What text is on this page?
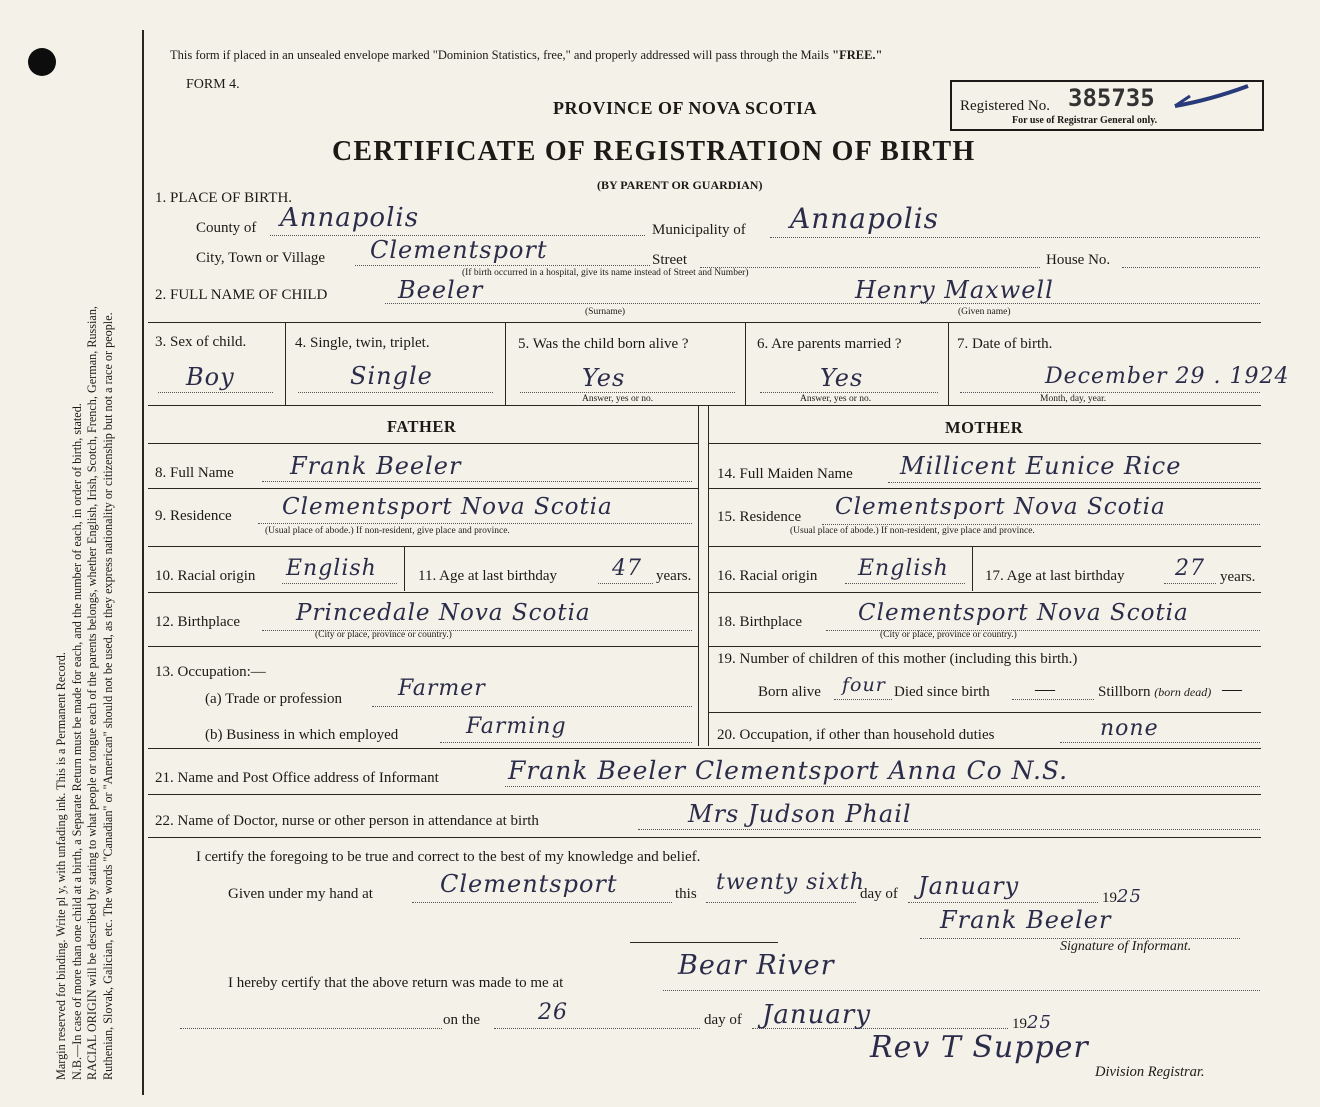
Margin reserved for binding. Write pl y, with unfading ink. This is a Permanent Record. N.B.—In case of more than one child at a birth, a Separate Return must be made for each, and the number of each, in order of birth, stated. RACIAL ORIGIN will be described by stating to what people or tongue each of the parents belongs, whether English, Irish, Scotch, French, German, Russian, Ruthenian, Slovak, Galician, etc. The words "Canadian" or "American" should not be used, as they express nationality or citizenship but not a race or people.
This form if placed in an unsealed envelope marked "Dominion Statistics, free," and properly addressed will pass through the Mails "FREE."
FORM 4.
PROVINCE OF NOVA SCOTIA
CERTIFICATE OF REGISTRATION OF BIRTH
(BY PARENT OR GUARDIAN)
Registered No. 385735
For use of Registrar General only.
1. PLACE OF BIRTH.
County of Annapolis	Municipality of Annapolis
City, Town or Village Clementsport	Street	House No.
(If birth occurred in a hospital, give its name instead of Street and Number)
2. FULL NAME OF CHILD	Beeler
(Surname)
Henry Maxwell
(Given name)
3. Sex of child.
Boy
4. Single, twin, triplet.
Single
5. Was the child born alive ?
Yes
Answer, yes or no.
6. Are parents married ?
Yes
Answer, yes or no.
7. Date of birth.
December 29 . 1924
Month, day, year.
FATHER	MOTHER
8. Full Name Frank Beeler	14. Full Maiden Name Millicent Eunice Rice
9. Residence Clementsport Nova Scotia
(Usual place of abode.) If non-resident, give place and province.
15. Residence Clementsport Nova Scotia
(Usual place of abode.) If non-resident, give place and province.
10. Racial origin English	11. Age at last birthday	47 years. 16. Racial origin English 17. Age at last birthday 27 years.
12. Birthplace Princedale Nova Scotia
(City or place, province or country.)
18. Birthplace Clementsport Nova Scotia
(City or place, province or country.)
13. Occupation:—
(a) Trade or profession	Farmer
19. Number of children of this mother (including this birth.)
Born alive four Died since birth —	Stillborn (born dead) —
(b) Business in which employed	Farming	20. Occupation, if other than household duties	none
21. Name and Post Office address of Informant	Frank Beeler Clementsport Anna Co N.S.
22. Name of Doctor, nurse or other person in attendance at birth	Mrs Judson Phail
I certify the foregoing to be true and correct to the best of my knowledge and belief.
Given under my hand at	Clementsport	this twenty sixth
day of January	1925
Frank Beeler
Signature of Informant.
I hereby certify that the above return was made to me at
Bear River
on the	26	day of January	1925
Rev T Supper
Division Registrar.
